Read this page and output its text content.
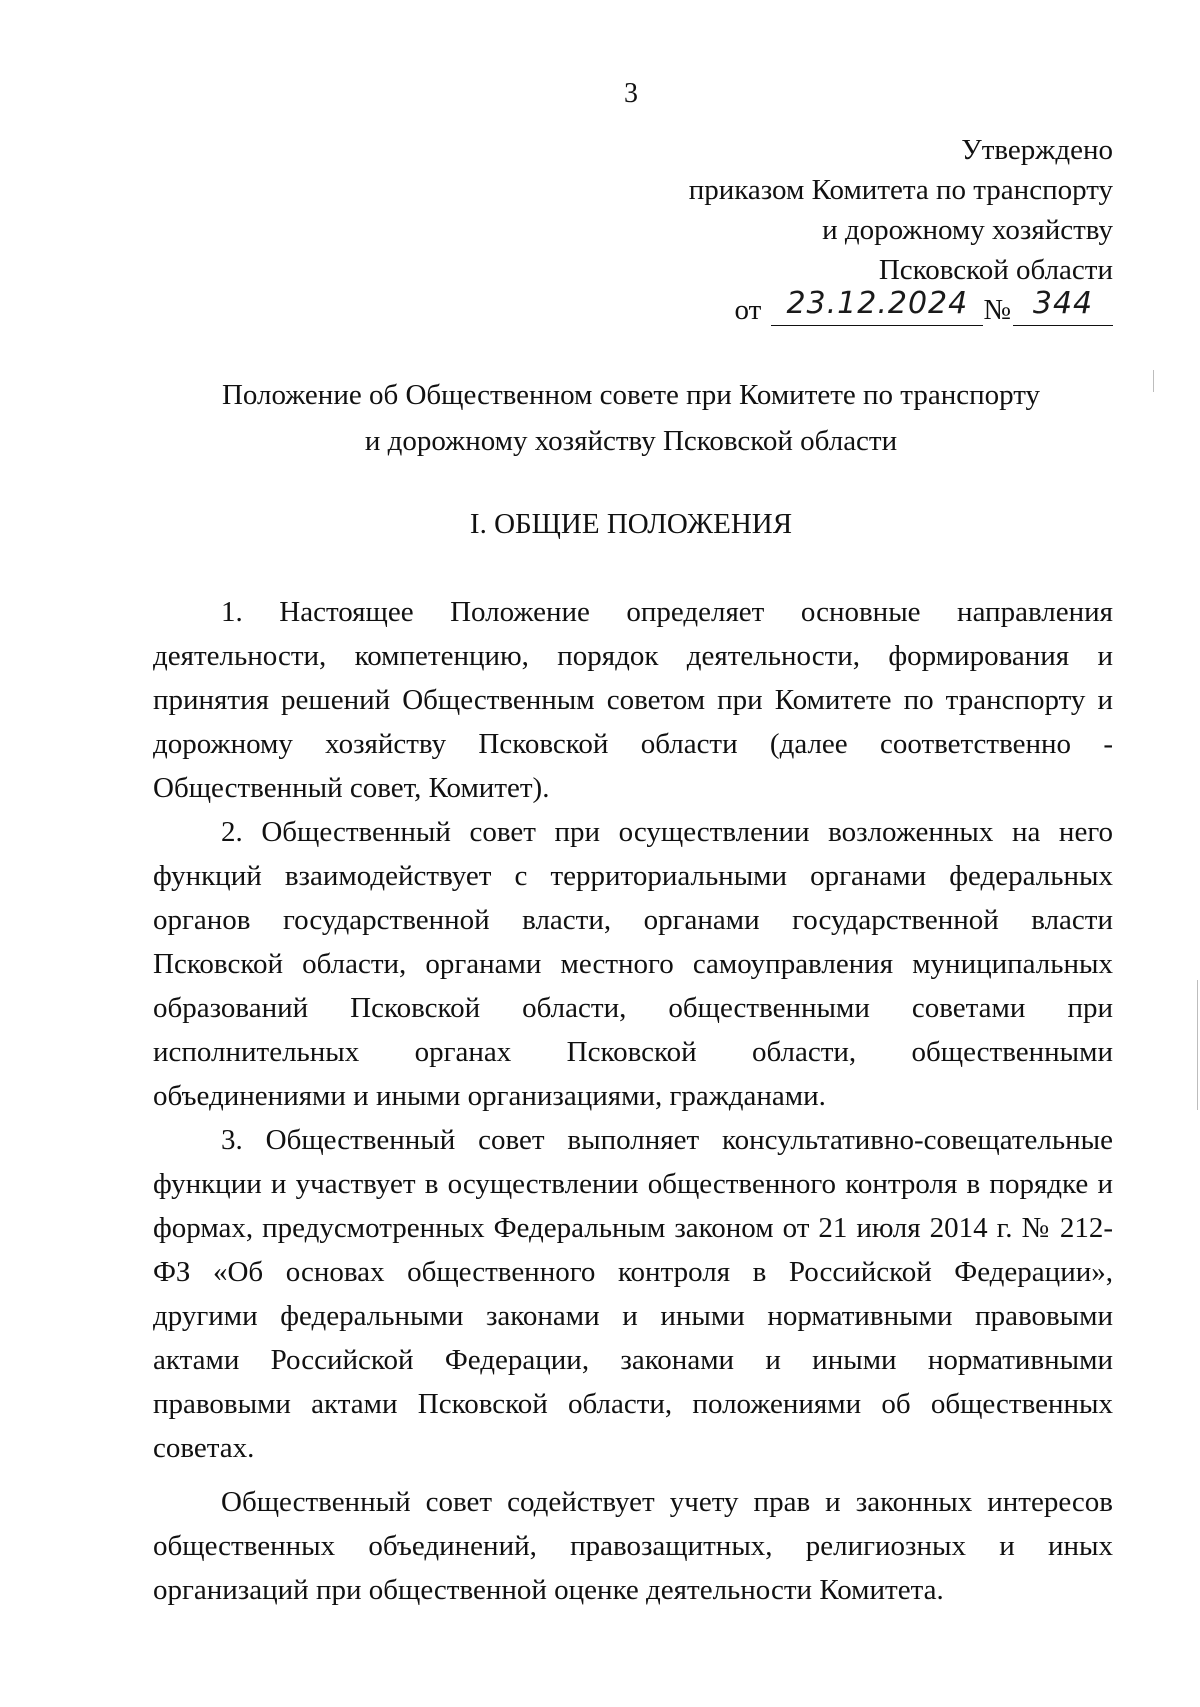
3
Утверждено
приказом Комитета по транспорту
и дорожному хозяйству
Псковской области
от 23.12.2024 № 344
Положение об Общественном совете при Комитете по транспорту
и дорожному хозяйству Псковской области
I. ОБЩИЕ ПОЛОЖЕНИЯ

1. Настоящее Положение определяет основные направления деятельности, компетенцию, порядок деятельности, формирования и принятия решений Общественным советом при Комитете по транспорту и дорожному хозяйству Псковской области (далее соответственно - Общественный совет, Комитет).

2. Общественный совет при осуществлении возложенных на него функций взаимодействует с территориальными органами федеральных органов государственной власти, органами государственной власти Псковской области, органами местного самоуправления муниципальных образований Псковской области, общественными советами при исполнительных органах Псковской области, общественными объединениями и иными организациями, гражданами.

3. Общественный совет выполняет консультативно-совещательные функции и участвует в осуществлении общественного контроля в порядке и формах, предусмотренных Федеральным законом от 21 июля 2014 г. № 212-ФЗ «Об основах общественного контроля в Российской Федерации», другими федеральными законами и иными нормативными правовыми актами Российской Федерации, законами и иными нормативными правовыми актами Псковской области, положениями об общественных советах.

Общественный совет содействует учету прав и законных интересов общественных объединений, правозащитных, религиозных и иных организаций при общественной оценке деятельности Комитета.
